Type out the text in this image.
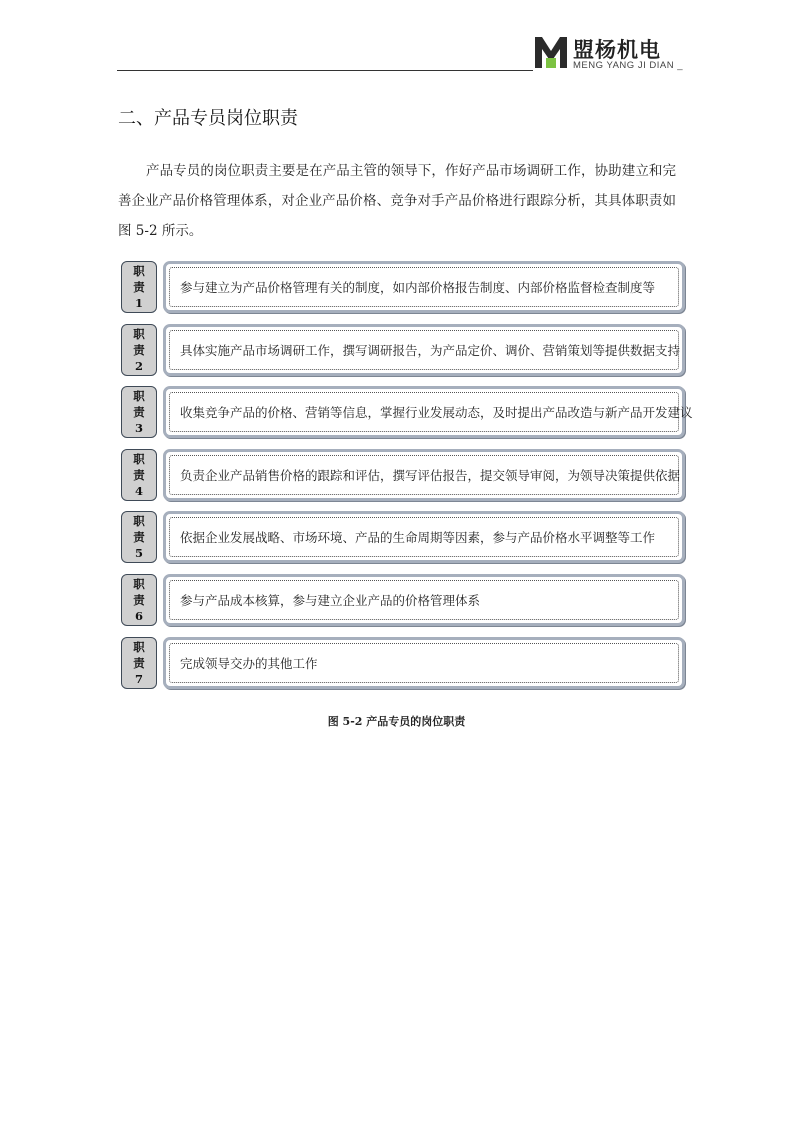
盟杨机电
MENG YANG JI DIAN _
二、产品专员岗位职责
产品专员的岗位职责主要是在产品主管的领导下，作好产品市场调研工作，协助建立和完善企业产品价格管理体系，对企业产品价格、竞争对手产品价格进行跟踪分析，其具体职责如图 5-2 所示。
职
责
1
参与建立为产品价格管理有关的制度，如内部价格报告制度、内部价格监督检查制度等
职
责
2
具体实施产品市场调研工作，撰写调研报告，为产品定价、调价、营销策划等提供数据支持
职
责
3
收集竞争产品的价格、营销等信息，掌握行业发展动态，及时提出产品改造与新产品开发建议
职
责
4
负责企业产品销售价格的跟踪和评估，撰写评估报告，提交领导审阅，为领导决策提供依据
职
责
5
依据企业发展战略、市场环境、产品的生命周期等因素，参与产品价格水平调整等工作
职
责
6
参与产品成本核算，参与建立企业产品的价格管理体系
职
责
7
完成领导交办的其他工作
图 5-2 产品专员的岗位职责
